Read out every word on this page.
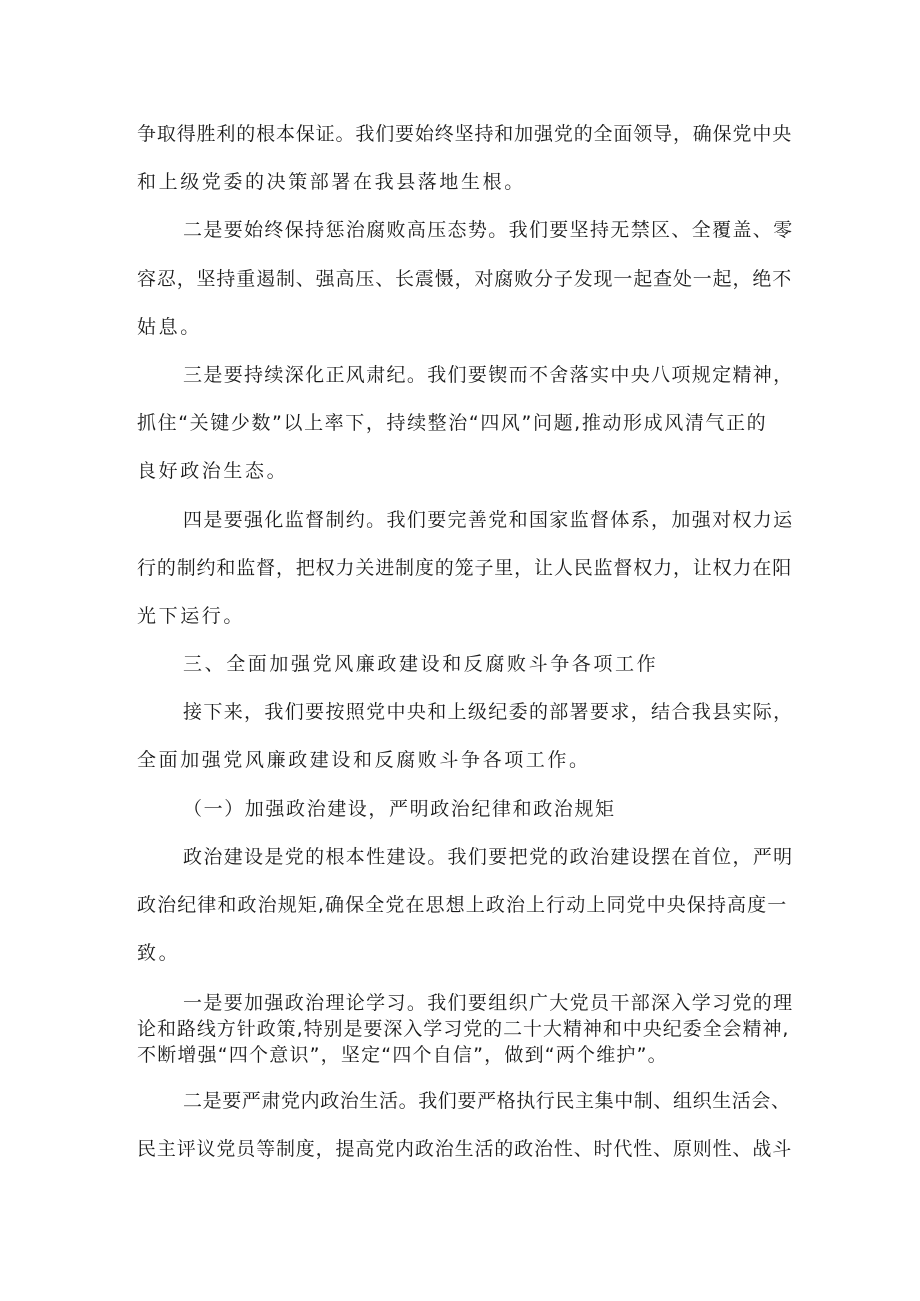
争取得胜利的根本保证。我们要始终坚持和加强党的全面领导，确保党中央

和上级党委的决策部署在我县落地生根。

二是要始终保持惩治腐败高压态势。我们要坚持无禁区、全覆盖、零

容忍，坚持重遏制、强高压、长震慑，对腐败分子发现一起查处一起，绝不

姑息。

三是要持续深化正风肃纪。我们要锲而不舍落实中央八项规定精神，

抓住“关键少数”以上率下，持续整治“四风”问题,推动形成风清气正的

良好政治生态。

四是要强化监督制约。我们要完善党和国家监督体系，加强对权力运

行的制约和监督，把权力关进制度的笼子里，让人民监督权力，让权力在阳

光下运行。

三、全面加强党风廉政建设和反腐败斗争各项工作

接下来，我们要按照党中央和上级纪委的部署要求，结合我县实际，

全面加强党风廉政建设和反腐败斗争各项工作。

（一）加强政治建设，严明政治纪律和政治规矩

政治建设是党的根本性建设。我们要把党的政治建设摆在首位，严明

政治纪律和政治规矩,确保全党在思想上政治上行动上同党中央保持高度一

致。

一是要加强政治理论学习。我们要组织广大党员干部深入学习党的理

论和路线方针政策,特别是要深入学习党的二十大精神和中央纪委全会精神,

不断增强“四个意识”，坚定“四个自信”，做到“两个维护”。

二是要严肃党内政治生活。我们要严格执行民主集中制、组织生活会、

民主评议党员等制度，提高党内政治生活的政治性、时代性、原则性、战斗
